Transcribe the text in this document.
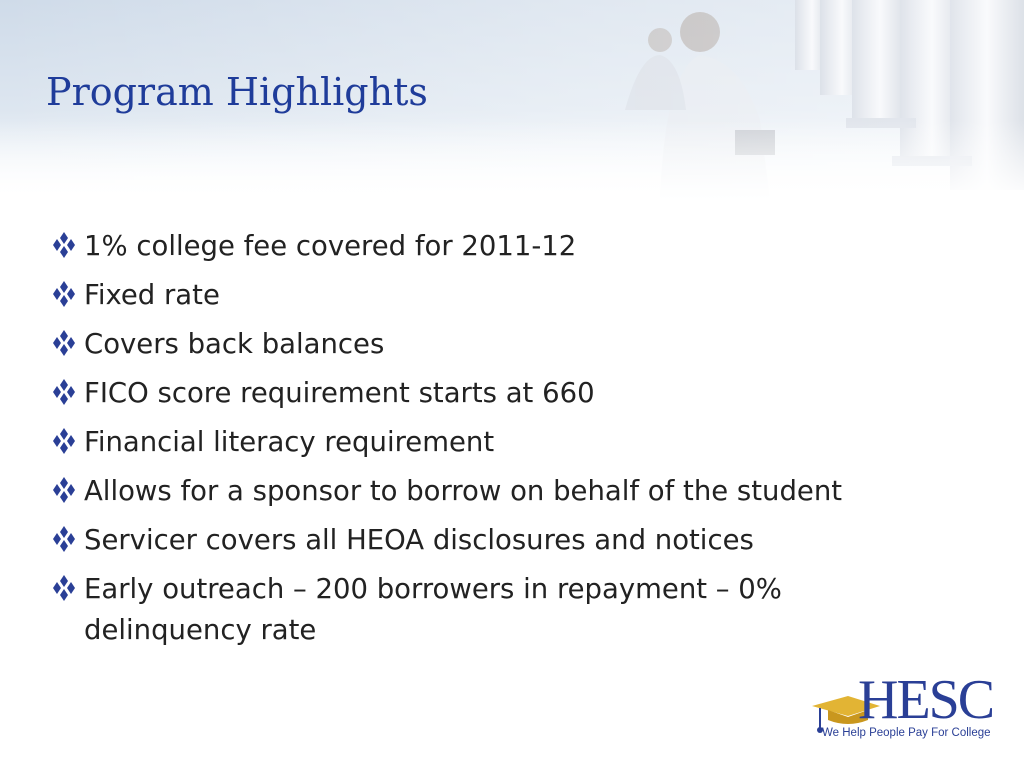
Program Highlights
1% college fee covered for 2011-12
Fixed rate
Covers back balances
FICO score requirement starts at 660
Financial literacy requirement
Allows for a sponsor to borrow on behalf of the student
Servicer covers all HEOA disclosures and notices
Early outreach – 200 borrowers in repayment – 0% delinquency rate
HESC
We Help People Pay For College
